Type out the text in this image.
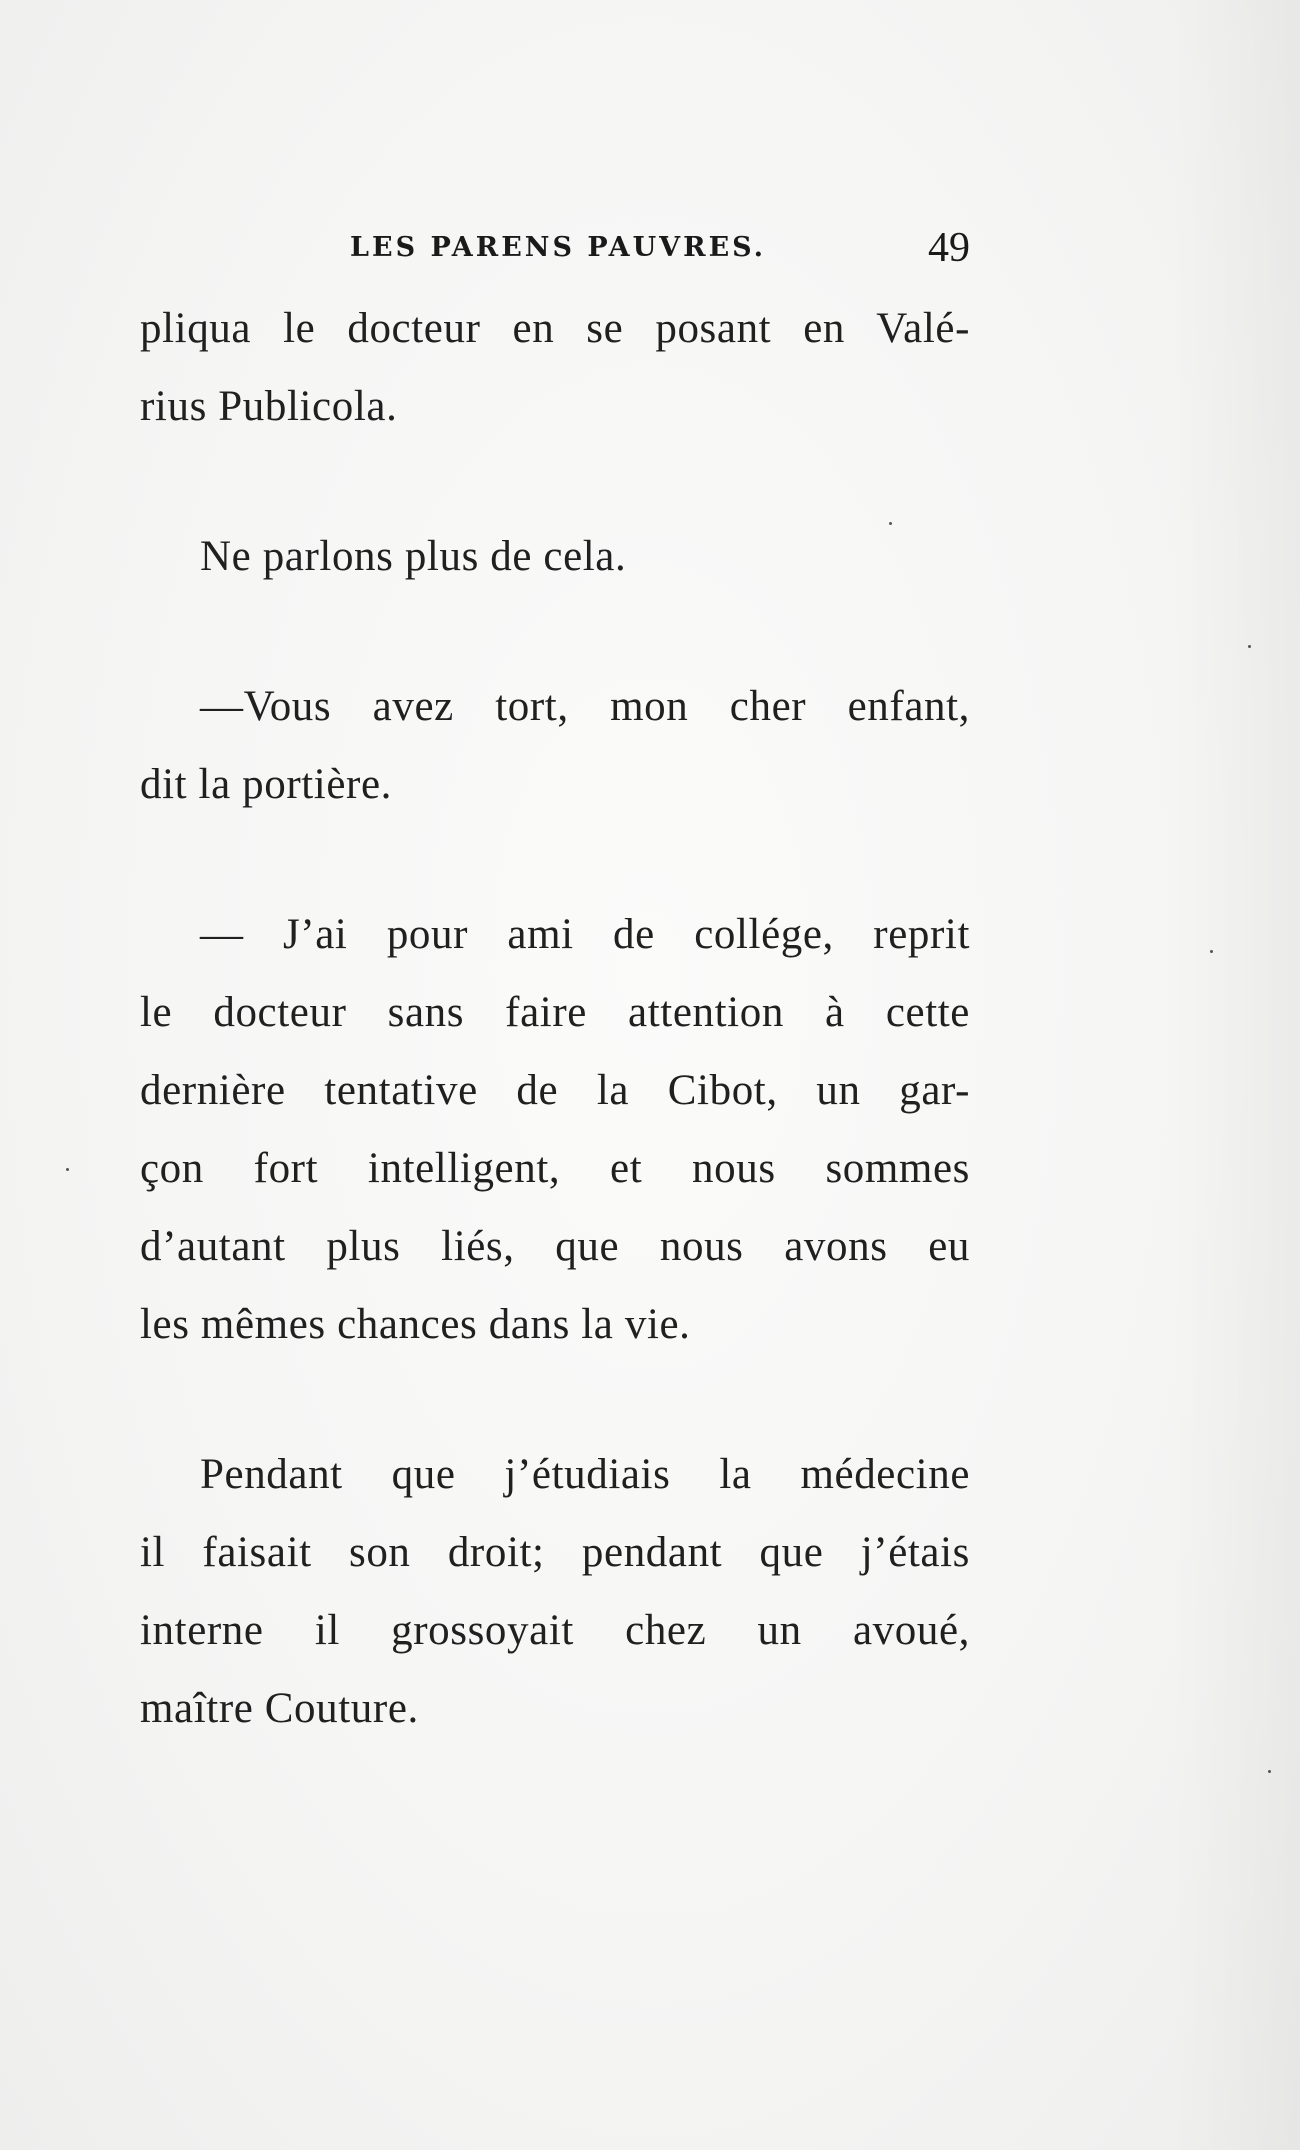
LES PARENS PAUVRES.	49
pliqua le docteur en se posant en Valé-
rius Publicola.
Ne parlons plus de cela.
—Vous avez tort, mon cher enfant,
dit la portière.
— J’ai pour ami de collége, reprit
le docteur sans faire attention à cette
dernière tentative de la Cibot, un gar-
çon fort intelligent, et nous sommes
d’autant plus liés, que nous avons eu
les mêmes chances dans la vie.
Pendant que j’étudiais la médecine
il faisait son droit; pendant que j’étais
interne il grossoyait chez un avoué,
maître Couture.
